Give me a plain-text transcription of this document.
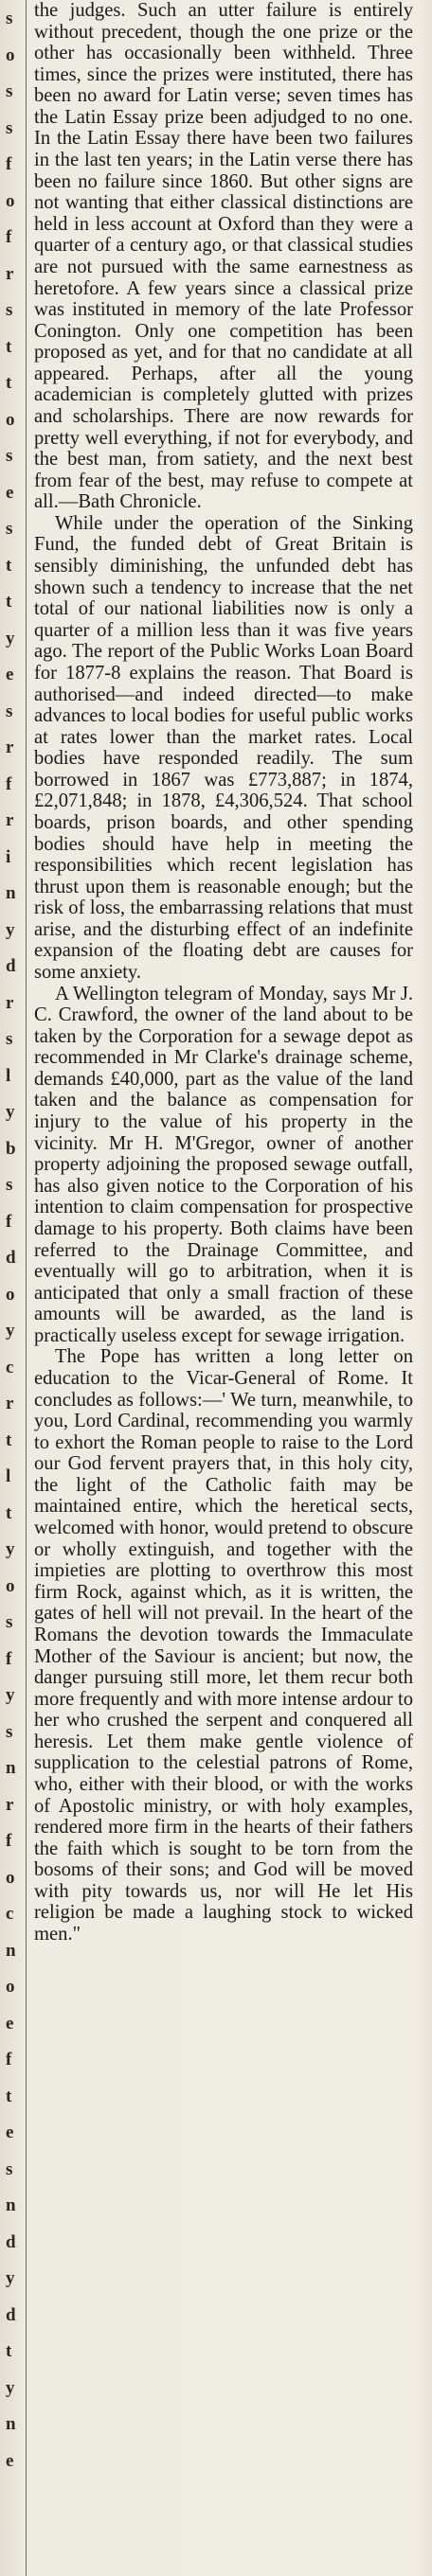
s
o
s
s
f
o
f
r
s
t
t
o
s
e
s
t
t
y
e
s
r
f
r
i
n
y
d
r
s
l
y
b
s
f
d
o
y
c
r
t
l
t
y
o
s
f
y
s
n
r
f
o
c
n
o
e
f
t
e
s
n
d
y
d
t
y
n
e

the judges. Such an utter failure is entirely without precedent, though the one prize or the other has occasionally been withheld. Three times, since the prizes were instituted, there has been no award for Latin verse; seven times has the Latin Essay prize been adjudged to no one. In the Latin Essay there have been two failures in the last ten years; in the Latin verse there has been no failure since 1860. But other signs are not wanting that either classical distinctions are held in less account at Oxford than they were a quarter of a century ago, or that classical studies are not pursued with the same earnestness as heretofore. A few years since a classical prize was instituted in memory of the late Professor Conington. Only one competition has been proposed as yet, and for that no candidate at all appeared. Perhaps, after all the young academician is completely glutted with prizes and scholarships. There are now rewards for pretty well everything, if not for everybody, and the best man, from satiety, and the next best from fear of the best, may refuse to compete at all.—Bath Chronicle.

While under the operation of the Sinking Fund, the funded debt of Great Britain is sensibly diminishing, the unfunded debt has shown such a tendency to increase that the net total of our national liabilities now is only a quarter of a million less than it was five years ago. The report of the Public Works Loan Board for 1877-8 explains the reason. That Board is authorised—and indeed directed—to make advances to local bodies for useful public works at rates lower than the market rates. Local bodies have responded readily. The sum borrowed in 1867 was £773,887; in 1874, £2,071,848; in 1878, £4,306,524. That school boards, prison boards, and other spending bodies should have help in meeting the responsibilities which recent legislation has thrust upon them is reasonable enough; but the risk of loss, the embarrassing relations that must arise, and the disturbing effect of an indefinite expansion of the floating debt are causes for some anxiety.

A Wellington telegram of Monday, says Mr J. C. Crawford, the owner of the land about to be taken by the Corporation for a sewage depot as recommended in Mr Clarke's drainage scheme, demands £40,000, part as the value of the land taken and the balance as compensation for injury to the value of his property in the vicinity. Mr H. M'Gregor, owner of another property adjoining the proposed sewage outfall, has also given notice to the Corporation of his intention to claim compensation for prospective damage to his property. Both claims have been referred to the Drainage Committee, and eventually will go to arbitration, when it is anticipated that only a small fraction of these amounts will be awarded, as the land is practically useless except for sewage irrigation.

The Pope has written a long letter on education to the Vicar-General of Rome. It concludes as follows:—' We turn, meanwhile, to you, Lord Cardinal, recommending you warmly to exhort the Roman people to raise to the Lord our God fervent prayers that, in this holy city, the light of the Catholic faith may be maintained entire, which the heretical sects, welcomed with honor, would pretend to obscure or wholly extinguish, and together with the impieties are plotting to overthrow this most firm Rock, against which, as it is written, the gates of hell will not prevail. In the heart of the Romans the devotion towards the Immaculate Mother of the Saviour is ancient; but now, the danger pursuing still more, let them recur both more frequently and with more intense ardour to her who crushed the serpent and conquered all heresis. Let them make gentle violence of supplication to the celestial patrons of Rome, who, either with their blood, or with the works of Apostolic ministry, or with holy examples, rendered more firm in the hearts of their fathers the faith which is sought to be torn from the bosoms of their sons; and God will be moved with pity towards us, nor will He let His religion be made a laughing stock to wicked men."
